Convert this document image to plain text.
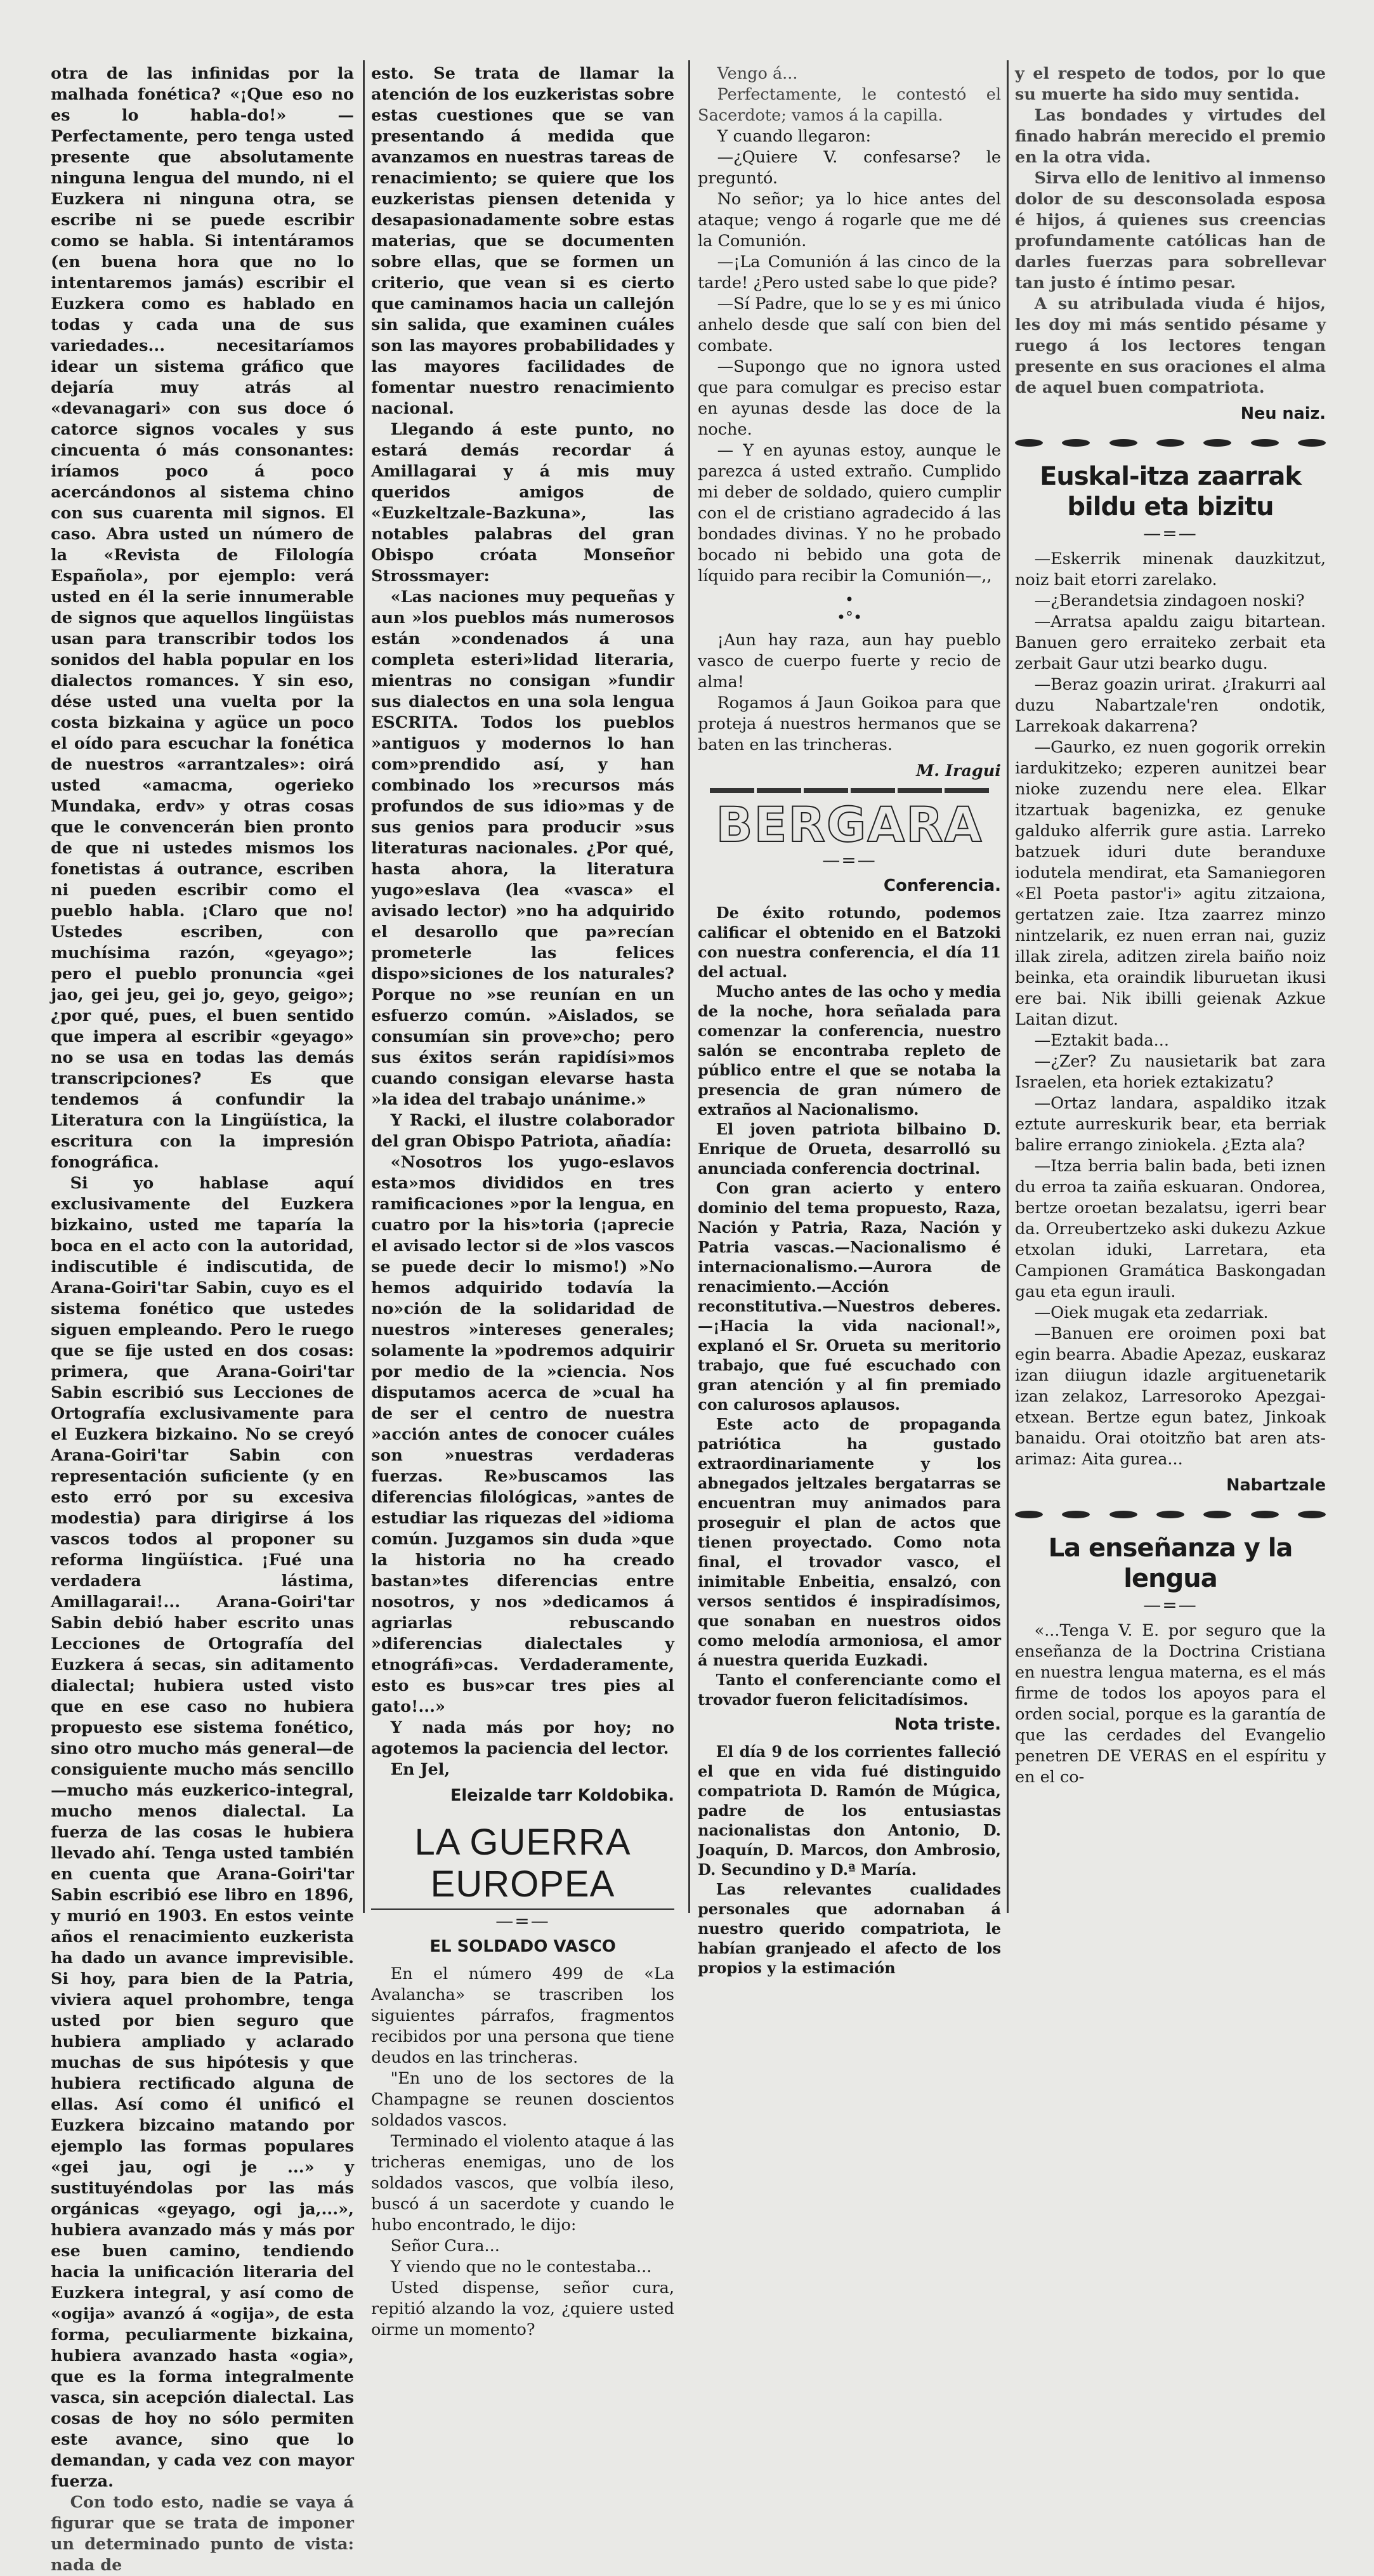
otra de las infinidas por la malhada fonética? «¡Que eso no es lo habla-do!» —Perfectamente, pero tenga usted presente que absolutamente ninguna lengua del mundo, ni el Euzkera ni ninguna otra, se escribe ni se puede escribir como se habla. Si intentáramos (en buena hora que no lo intentaremos jamás) escribir el Euzkera como es hablado en todas y cada una de sus variedades... necesitaríamos idear un sistema gráfico que dejaría muy atrás al «devanagari» con sus doce ó catorce signos vocales y sus cincuenta ó más consonantes: iríamos poco á poco acercándonos al sistema chino con sus cuarenta mil signos. El caso. Abra usted un número de la «Revista de Filología Española», por ejemplo: verá usted en él la serie innumerable de signos que aquellos lingüistas usan para transcribir todos los sonidos del habla popular en los dialectos romances. Y sin eso, dése usted una vuelta por la costa bizkaina y agüce un poco el oído para escuchar la fonética de nuestros «arrantzales»: oirá usted «amacma, ogerieko Mundaka, erdv» y otras cosas que le convencerán bien pronto de que ni ustedes mismos los fonetistas á outrance, escriben ni pueden escribir como el pueblo habla. ¡Claro que no! Ustedes escriben, con muchísima razón, «geyago»; pero el pueblo pronuncia «gei jao, gei jeu, gei jo, geyo, geigo»; ¿por qué, pues, el buen sentido que impera al escribir «geyago» no se usa en todas las demás transcripciones? Es que tendemos á confundir la Literatura con la Lingüística, la escritura con la impresión fonográfica.

Si yo hablase aquí exclusivamente del Euzkera bizkaino, usted me taparía la boca en el acto con la autoridad, indiscutible é indiscutida, de Arana-Goiri'tar Sabin, cuyo es el sistema fonético que ustedes siguen empleando. Pero le ruego que se fije usted en dos cosas: primera, que Arana-Goiri'tar Sabin escribió sus Lecciones de Ortografía exclusivamente para el Euzkera bizkaino. No se creyó Arana-Goiri'tar Sabin con representación suficiente (y en esto erró por su excesiva modestia) para dirigirse á los vascos todos al proponer su reforma lingüística. ¡Fué una verdadera lástima, Amillagarai!... Arana-Goiri'tar Sabin debió haber escrito unas Lecciones de Ortografía del Euzkera á secas, sin aditamento dialectal; hubiera usted visto que en ese caso no hubiera propuesto ese sistema fonético, sino otro mucho más general—de consiguiente mucho más sencillo—mucho más euzkerico-integral, mucho menos dialectal. La fuerza de las cosas le hubiera llevado ahí. Tenga usted también en cuenta que Arana-Goiri'tar Sabin escribió ese libro en 1896, y murió en 1903. En estos veinte años el renacimiento euzkerista ha dado un avance imprevisible. Si hoy, para bien de la Patria, viviera aquel prohombre, tenga usted por bien seguro que hubiera ampliado y aclarado muchas de sus hipótesis y que hubiera rectificado alguna de ellas. Así como él unificó el Euzkera bizcaino matando por ejemplo las formas populares «gei jau, ogi je ...» y sustituyéndolas por las más orgánicas «geyago, ogi ja,...», hubiera avanzado más y más por ese buen camino, tendiendo hacia la unificación literaria del Euzkera integral, y así como de «ogija» avanzó á «ogija», de esta forma, peculiarmente bizkaina, hubiera avanzado hasta «ogia», que es la forma integralmente vasca, sin acepción dialectal. Las cosas de hoy no sólo permiten este avance, sino que lo demandan, y cada vez con mayor fuerza.

Con todo esto, nadie se vaya á figurar que se trata de imponer un determinado punto de vista: nada de

esto. Se trata de llamar la atención de los euzkeristas sobre estas cuestiones que se van presentando á medida que avanzamos en nuestras tareas de renacimiento; se quiere que los euzkeristas piensen detenida y desapasionadamente sobre estas materias, que se documenten sobre ellas, que se formen un criterio, que vean si es cierto que caminamos hacia un callejón sin salida, que examinen cuáles son las mayores probabilidades y las mayores facilidades de fomentar nuestro renacimiento nacional.

Llegando á este punto, no estará demás recordar á Amillagarai y á mis muy queridos amigos de «Euzkeltzale-Bazkuna», las notables palabras del gran Obispo cróata Monseñor Strossmayer:

«Las naciones muy pequeñas y aun »los pueblos más numerosos están »condenados á una completa esteri»lidad literaria, mientras no consigan »fundir sus dialectos en una sola lengua ESCRITA. Todos los pueblos »antiguos y modernos lo han com»prendido así, y han combinado los »recursos más profundos de sus idio»mas y de sus genios para producir »sus literaturas nacionales. ¿Por qué, hasta ahora, la literatura yugo»eslava (lea «vasca» el avisado lector) »no ha adquirido el desarollo que pa»recían prometerle las felices dispo»siciones de los naturales? Porque no »se reunían en un esfuerzo común. »Aislados, se consumían sin prove»cho; pero sus éxitos serán rapidísi»mos cuando consigan elevarse hasta »la idea del trabajo unánime.»

Y Racki, el ilustre colaborador del gran Obispo Patriota, añadía:

«Nosotros los yugo-eslavos esta»mos divididos en tres ramificaciones »por la lengua, en cuatro por la his»toria (¡aprecie el avisado lector si de »los vascos se puede decir lo mismo!) »No hemos adquirido todavía la no»ción de la solidaridad de nuestros »intereses generales; solamente la »podremos adquirir por medio de la »ciencia. Nos disputamos acerca de »cual ha de ser el centro de nuestra »acción antes de conocer cuáles son »nuestras verdaderas fuerzas. Re»buscamos las diferencias filológicas, »antes de estudiar las riquezas del »idioma común. Juzgamos sin duda »que la historia no ha creado bastan»tes diferencias entre nosotros, y nos »dedicamos á agriarlas rebuscando »diferencias dialectales y etnográfi»cas. Verdaderamente, esto es bus»car tres pies al gato!...»

Y nada más por hoy; no agotemos la paciencia del lector.

En Jel,

Eleizalde tarr Koldobika.
LA GUERRA EUROPEA
—=—
EL SOLDADO VASCO

En el número 499 de «La Avalancha» se trascriben los siguientes párrafos, fragmentos recibidos por una persona que tiene deudos en las trincheras.

"En uno de los sectores de la Champagne se reunen doscientos soldados vascos.

Terminado el violento ataque á las tricheras enemigas, uno de los soldados vascos, que volbía ileso, buscó á un sacerdote y cuando le hubo encontrado, le dijo:

Señor Cura...

Y viendo que no le contestaba...

Usted dispense, señor cura, repitió alzando la voz, ¿quiere usted oirme un momento?

Vengo á...

Perfectamente, le contestó el Sacerdote; vamos á la capilla.

Y cuando llegaron:

—¿Quiere V. confesarse? le preguntó.

No señor; ya lo hice antes del ataque; vengo á rogarle que me dé la Comunión.

—¡La Comunión á las cinco de la tarde! ¿Pero usted sabe lo que pide?

—Sí Padre, que lo se y es mi único anhelo desde que salí con bien del combate.

—Supongo que no ignora usted que para comulgar es preciso estar en ayunas desde las doce de la noche.

— Y en ayunas estoy, aunque le parezca á usted extraño. Cumplido mi deber de soldado, quiero cumplir con el de cristiano agradecido á las bondades divinas. Y no he probado bocado ni bebido una gota de líquido para recibir la Comunión—,,

•
•°•

¡Aun hay raza, aun hay pueblo vasco de cuerpo fuerte y recio de alma!

Rogamos á Jaun Goikoa para que proteja á nuestros hermanos que se baten en las trincheras.

M. Iragui
BERGARA
—=—
Conferencia.

De éxito rotundo, podemos calificar el obtenido en el Batzoki con nuestra conferencia, el día 11 del actual.

Mucho antes de las ocho y media de la noche, hora señalada para comenzar la conferencia, nuestro salón se encontraba repleto de público entre el que se notaba la presencia de gran número de extraños al Nacionalismo.

El joven patriota bilbaino D. Enrique de Orueta, desarrolló su anunciada conferencia doctrinal.

Con gran acierto y entero dominio del tema propuesto, Raza, Nación y Patria, Raza, Nación y Patria vascas.—Nacionalismo é internacionalismo.—Aurora de renacimiento.—Acción reconstitutiva.—Nuestros deberes.—¡Hacia la vida nacional!», explanó el Sr. Orueta su meritorio trabajo, que fué escuchado con gran atención y al fin premiado con calurosos aplausos.

Este acto de propaganda patriótica ha gustado extraordinariamente y los abnegados jeltzales bergatarras se encuentran muy animados para proseguir el plan de actos que tienen proyectado. Como nota final, el trovador vasco, el inimitable Enbeitia, ensalzó, con versos sentidos é inspiradísimos, que sonaban en nuestros oidos como melodía armoniosa, el amor á nuestra querida Euzkadi.

Tanto el conferenciante como el trovador fueron felicitadísimos.

Nota triste.

El día 9 de los corrientes falleció el que en vida fué distinguido compatriota D. Ramón de Múgica, padre de los entusiastas nacionalistas don Antonio, D. Joaquín, D. Marcos, don Ambrosio, D. Secundino y D.ª María.

Las relevantes cualidades personales que adornaban á nuestro querido compatriota, le habían granjeado el afecto de los propios y la estimación

y el respeto de todos, por lo que su muerte ha sido muy sentida.

Las bondades y virtudes del finado habrán merecido el premio en la otra vida.

Sirva ello de lenitivo al inmenso dolor de su desconsolada esposa é hijos, á quienes sus creencias profundamente católicas han de darles fuerzas para sobrellevar tan justo é íntimo pesar.

A su atribulada viuda é hijos, les doy mi más sentido pésame y ruego á los lectores tengan presente en sus oraciones el alma de aquel buen compatriota.

Neu naiz.
Euskal-itza zaarrak bildu eta bizitu
—=—

—Eskerrik minenak dauzkitzut, noiz bait etorri zarelako.

—¿Berandetsia zindagoen noski?

—Arratsa apaldu zaigu bitartean. Banuen gero erraiteko zerbait eta zerbait Gaur utzi bearko dugu.

—Beraz goazin urirat. ¿Irakurri aal duzu Nabartzale'ren ondotik, Larrekoak dakarrena?

—Gaurko, ez nuen gogorik orrekin iardukitzeko; ezperen aunitzei bear nioke zuzendu nere elea. Elkar itzartuak bagenizka, ez genuke galduko alferrik gure astia. Larreko batzuek iduri dute beranduxe iodutela mendirat, eta Samaniegoren «El Poeta pastor'i» agitu zitzaiona, gertatzen zaie. Itza zaarrez minzo nintzelarik, ez nuen erran nai, guziz illak zirela, aditzen zirela baiño noiz beinka, eta oraindik liburuetan ikusi ere bai. Nik ibilli geienak Azkue Laitan dizut.

—Eztakit bada...

—¿Zer? Zu nausietarik bat zara Israelen, eta horiek eztakizatu?

—Ortaz landara, aspaldiko itzak eztute aurreskurik bear, eta berriak balire errango ziniokela. ¿Ezta ala?

—Itza berria balin bada, beti iznen du erroa ta zaiña eskuaran. Ondorea, bertze oroetan bezalatsu, igerri bear da. Orreubertzeko aski dukezu Azkue etxolan iduki, Larretara, eta Campionen Gramática Baskongadan gau eta egun irauli.

—Oiek mugak eta zedarriak.

—Banuen ere oroimen poxi bat egin bearra. Abadie Apezaz, euskaraz izan diiugun idazle argituenetarik izan zelakoz, Larresoroko Apezgai-etxean. Bertze egun batez, Jinkoak banaidu. Orai otoitzño bat aren ats-arimaz: Aita gurea...

Nabartzale
La enseñanza y la lengua
—=—

«...Tenga V. E. por seguro que la enseñanza de la Doctrina Cristiana en nuestra lengua materna, es el más firme de todos los apoyos para el orden social, porque es la garantía de que las cerdades del Evangelio penetren DE VERAS en el espíritu y en el co-
